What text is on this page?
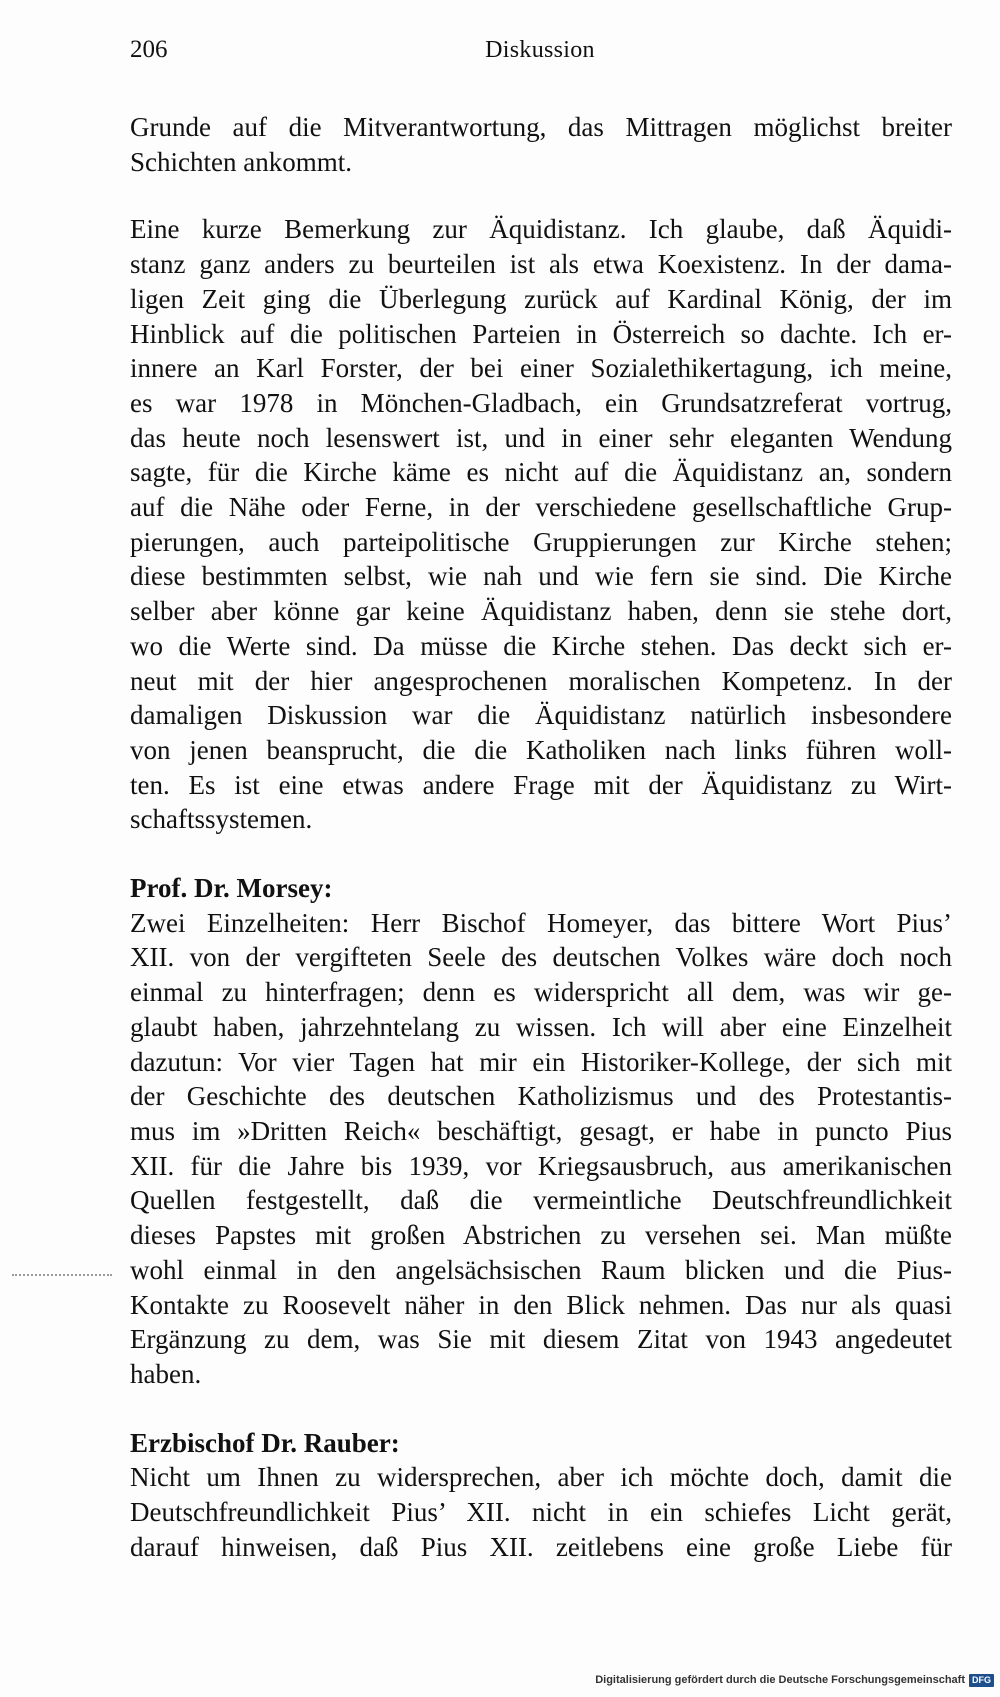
206	Diskussion

Grunde auf die Mitverantwortung, das Mittragen möglichst breiter
Schichten ankommt.

Eine kurze Bemerkung zur Äquidistanz. Ich glaube, daß Äquidi-
stanz ganz anders zu beurteilen ist als etwa Koexistenz. In der dama-
ligen Zeit ging die Überlegung zurück auf Kardinal König, der im
Hinblick auf die politischen Parteien in Österreich so dachte. Ich er-
innere an Karl Forster, der bei einer Sozialethikertagung, ich meine,
es war 1978 in Mönchen-Gladbach, ein Grundsatzreferat vortrug,
das heute noch lesenswert ist, und in einer sehr eleganten Wendung
sagte, für die Kirche käme es nicht auf die Äquidistanz an, sondern
auf die Nähe oder Ferne, in der verschiedene gesellschaftliche Grup-
pierungen, auch parteipolitische Gruppierungen zur Kirche stehen;
diese bestimmten selbst, wie nah und wie fern sie sind. Die Kirche
selber aber könne gar keine Äquidistanz haben, denn sie stehe dort,
wo die Werte sind. Da müsse die Kirche stehen. Das deckt sich er-
neut mit der hier angesprochenen moralischen Kompetenz. In der
damaligen Diskussion war die Äquidistanz natürlich insbesondere
von jenen beansprucht, die die Katholiken nach links führen woll-
ten. Es ist eine etwas andere Frage mit der Äquidistanz zu Wirt-
schaftssystemen.

Prof. Dr. Morsey:
Zwei Einzelheiten: Herr Bischof Homeyer, das bittere Wort Pius’
XII. von der vergifteten Seele des deutschen Volkes wäre doch noch
einmal zu hinterfragen; denn es widerspricht all dem, was wir ge-
glaubt haben, jahrzehntelang zu wissen. Ich will aber eine Einzelheit
dazutun: Vor vier Tagen hat mir ein Historiker-Kollege, der sich mit
der Geschichte des deutschen Katholizismus und des Protestantis-
mus im »Dritten Reich« beschäftigt, gesagt, er habe in puncto Pius
XII. für die Jahre bis 1939, vor Kriegsausbruch, aus amerikanischen
Quellen festgestellt, daß die vermeintliche Deutschfreundlichkeit
dieses Papstes mit großen Abstrichen zu versehen sei. Man müßte
wohl einmal in den angelsächsischen Raum blicken und die Pius-
Kontakte zu Roosevelt näher in den Blick nehmen. Das nur als quasi
Ergänzung zu dem, was Sie mit diesem Zitat von 1943 angedeutet
haben.

Erzbischof Dr. Rauber:
Nicht um Ihnen zu widersprechen, aber ich möchte doch, damit die
Deutschfreundlichkeit Pius’ XII. nicht in ein schiefes Licht gerät,
darauf hinweisen, daß Pius XII. zeitlebens eine große Liebe für

Digitalisierung gefördert durch die Deutsche Forschungsgemeinschaft DFG
